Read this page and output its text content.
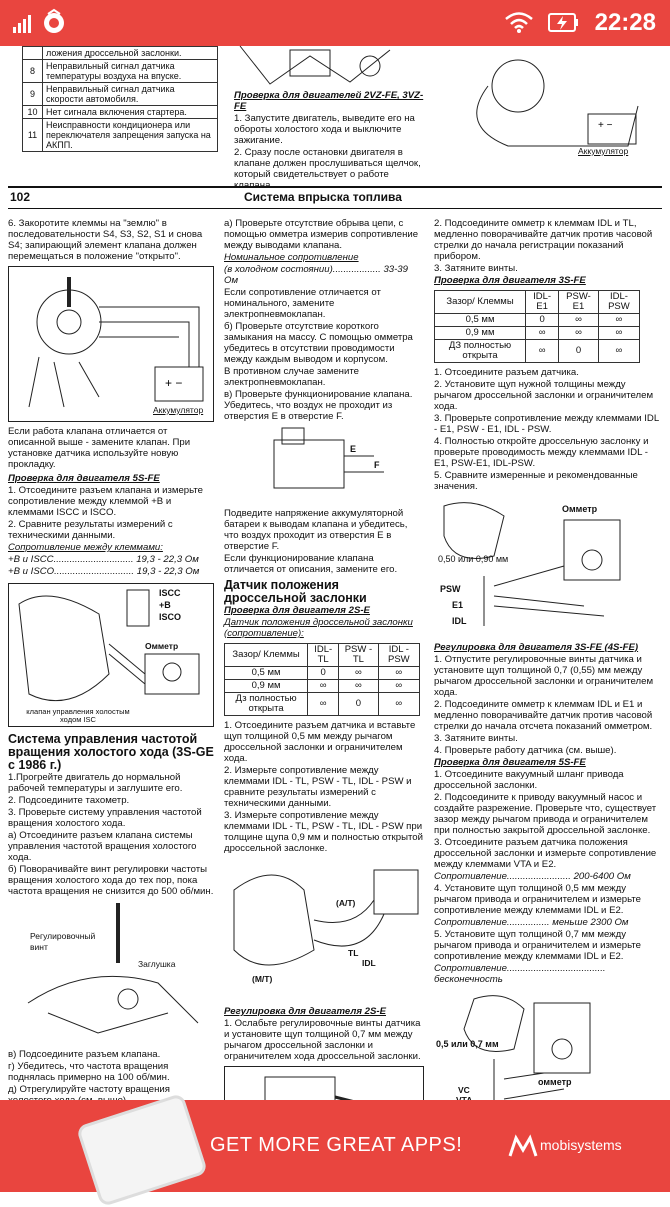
22:28
	ложения дроссельной заслонки.
8	Неправильный сигнал датчика температуры воздуха на впуске.
9	Неправильный сигнал датчика скорости автомобиля.
10	Нет сигнала включения стартера.
11	Неисправности кондиционера или переключателя запрещения запуска на АКПП.
Проверка для двигателей 2VZ-FE, 3VZ-FE
1. Запустите двигатель, выведите его на обороты холостого хода и выключите зажигание.
2. Сразу после остановки двигателя в клапане должен прослушиваться щелчок, который свидетельствует о работе клапана.
+ −
Аккумулятор
102	Система впрыска топлива
6. Закоротите клеммы на "землю" в последовательности S4, S3, S2, S1 и снова S4; запирающий элемент клапана должен перемещаться в положение "открыто".
+ −
Аккумулятор
Если работа клапана отличается от описанной выше - замените клапан. При установке датчика используйте новую прокладку.
Проверка для двигателя 5S-FE
1. Отсоедините разъем клапана и измерьте сопротивление между клеммой +B и клеммами ISCC и ISCO.
2. Сравните результаты измерений с техническими данными.
Сопротивление между клеммами:
+B и ISCC.............................. 19,3 - 22,3 Ом
+B и ISCO.............................. 19,3 - 22,3 Ом
ISCC
+B
ISCO
Омметр
клапан управления холостым ходом ISC
Система управления частотой вращения холостого хода (3S-GE с 1986 г.)
1.Прогрейте двигатель до нормальной рабочей температуры и заглушите его.
2. Подсоедините тахометр.
3. Проверьте систему управления частотой вращения холостого хода.
а) Отсоедините разъем клапана системы управления частотой вращения холостого хода.
б) Поворачивайте винт регулировки частоты вращения холостого хода до тех пор, пока частота вращения не снизится до 500 об/мин.
Регулировочный винт
Заглушка
в) Подсоедините разъем клапана.
г) Убедитесь, что частота вращения поднялась примерно на 100 об/мин.
д) Отрегулируйте частоту вращения
а) Проверьте отсутствие обрыва цепи, с помощью омметра измерив сопротивление между выводами клапана.
Номинальное сопротивление
(в холодном состоянии).................. 33-39 Ом
Если сопротивление отличается от номинального, замените электропневмоклапан.
б) Проверьте отсутствие короткого замыкания на массу. С помощью омметра убедитесь в отсутствии проводимости между каждым выводом и корпусом.
В противном случае замените электропневмоклапан.
в) Проверьте функционирование клапана. Убедитесь, что воздух не проходит из отверстия E в отверстие F.
E
F
Подведите напряжение аккумуляторной батареи к выводам клапана и убедитесь, что воздух проходит из отверстия E в отверстие F.
Если функционирование клапана отличается от описания, замените его.
Датчик положения дроссельной заслонки
Проверка для двигателя 2S-E
Датчик положения дроссельной заслонки (сопротивление):
Зазор/ Клеммы	IDL-TL	PSW - TL	IDL - PSW
0,5 мм	0	∞	∞
0,9 мм	∞	∞	∞
Дз полностью открыта	∞	0	∞
1. Отсоедините разъем датчика и вставьте щуп толщиной 0,5 мм между рычагом дроссельной заслонки и ограничителем хода.
2. Измерьте сопротивление между клеммами IDL - TL, PSW - TL, IDL - PSW и сравните результаты измерений с техническими данными.
3. Измерьте сопротивление между клеммами IDL - TL, PSW - TL, IDL - PSW при толщине щупа 0,9 мм и полностью открытой дроссельной заслонке.
(A/T)
(M/T)
TL
IDL
Регулировка для двигателя 2S-E
1. Ослабьте регулировочные винты датчика и установите щуп толщиной 0,7 мм между рычагом дроссельной заслонки и ограничителем хода дроссельной заслонки.
2. Подсоедините омметр к клеммам IDL и TL, медленно поворачивайте датчик против часовой стрелки до начала регистрации показаний прибором.
3. Затяните винты.
Проверка для двигателя 3S-FE
Зазор/ Клеммы	IDL-E1	PSW-E1	IDL-PSW
0,5 мм	0	∞	∞
0,9 мм	∞	∞	∞
ДЗ полностью открыта	∞	0	∞
1. Отсоедините разъем датчика.
2. Установите щуп нужной толщины между рычагом дроссельной заслонки и ограничителем хода.
3. Проверьте сопротивление между клеммами IDL - E1, PSW - E1, IDL - PSW.
4. Полностью откройте дроссельную заслонку и проверьте проводимость между клеммами IDL -E1, PSW-E1, IDL-PSW.
5. Сравните измеренные и рекомендованные значения.
Омметр
0,50 или 0,90 мм
PSW
E1
IDL
Регулировка для двигателя 3S-FE (4S-FE)
1. Отпустите регулировочные винты датчика и установите щуп толщиной 0,7 (0,55) мм между рычагом дроссельной заслонки и ограничителем хода.
2. Подсоедините омметр к клеммам IDL и E1 и медленно поворачивайте датчик против часовой стрелки до начала отсчета показаний омметром.
3. Затяните винты.
4. Проверьте работу датчика (см. выше).
Проверка для двигателя 5S-FE
1. Отсоедините вакуумный шланг привода дроссельной заслонки.
2. Подсоедините к приводу вакуумный насос и создайте разрежение. Проверьте что, существует зазор между рычагом привода и ограничителем при полностью закрытой дроссельной заслонке.
3. Отсоедините разъем датчика положения дроссельной заслонки и измерьте сопротивление между клеммами VTA и E2.
Сопротивление........................ 200-6400 Ом
4. Установите щуп толщиной 0,5 мм между рычагом привода и ограничителем и измерьте сопротивление между клеммами IDL и E2.
Сопротивление................ меньше 2300 Ом
5. Установите щуп толщиной 0,7 мм между рычагом привода и ограничителем и измерьте сопротивление между клеммами IDL и E2.
Сопротивление..................................... бесконечность
0,5 или 0,7 мм
омметр
VC
GET MORE GREAT APPS!	mobisystems
